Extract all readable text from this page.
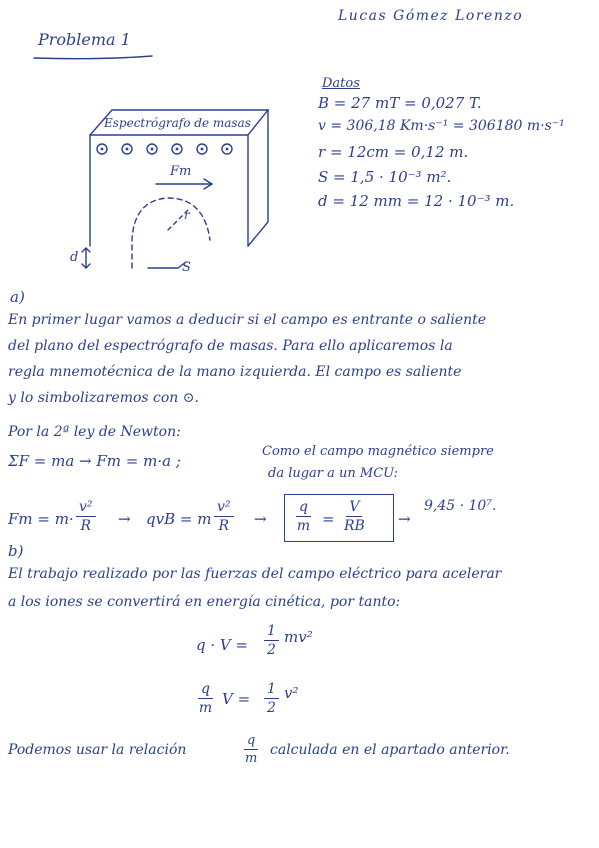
Problema 1
Lucas Gómez Lorenzo
Espectrógrafo de masas
Fm
r
d
S
Datos
B = 27 mT = 0,027 T.
v = 306,18 Km·s⁻¹ = 306180 m·s⁻¹
r = 12cm = 0,12 m.
S = 1,5 · 10⁻³ m².
d = 12 mm = 12 · 10⁻³ m.
a)
En primer lugar vamos a deducir si el campo es entrante o saliente
del plano del espectrógrafo de masas. Para ello aplicaremos la
regla mnemotécnica de la mano izquierda. El campo es saliente
y lo simbolizaremos con ⊙.
Por la 2ª ley de Newton:
ΣF = ma → Fm = m·a ;
Como el campo magnético siempre
da lugar a un MCU:
$Fm = m\cdot \frac{\text{v²}}{R}$ → qvB = m $\frac{\text{v²}}{R} \to \frac{q}{m} = \frac{V}{RB}$ →
9,45 · 10⁷.
b)
El trabajo realizado por las fuerzas del campo eléctrico para acelerar
a los iones se convertirá en energía cinética, por tanto:
$q \cdot V = \frac{1}{2} mv^2$
$\frac{q}{m}$ $V = \frac{1}{2} v^2$
Podemos usar la relación	$\frac{q}{m}$ calculada en el apartado anterior.
